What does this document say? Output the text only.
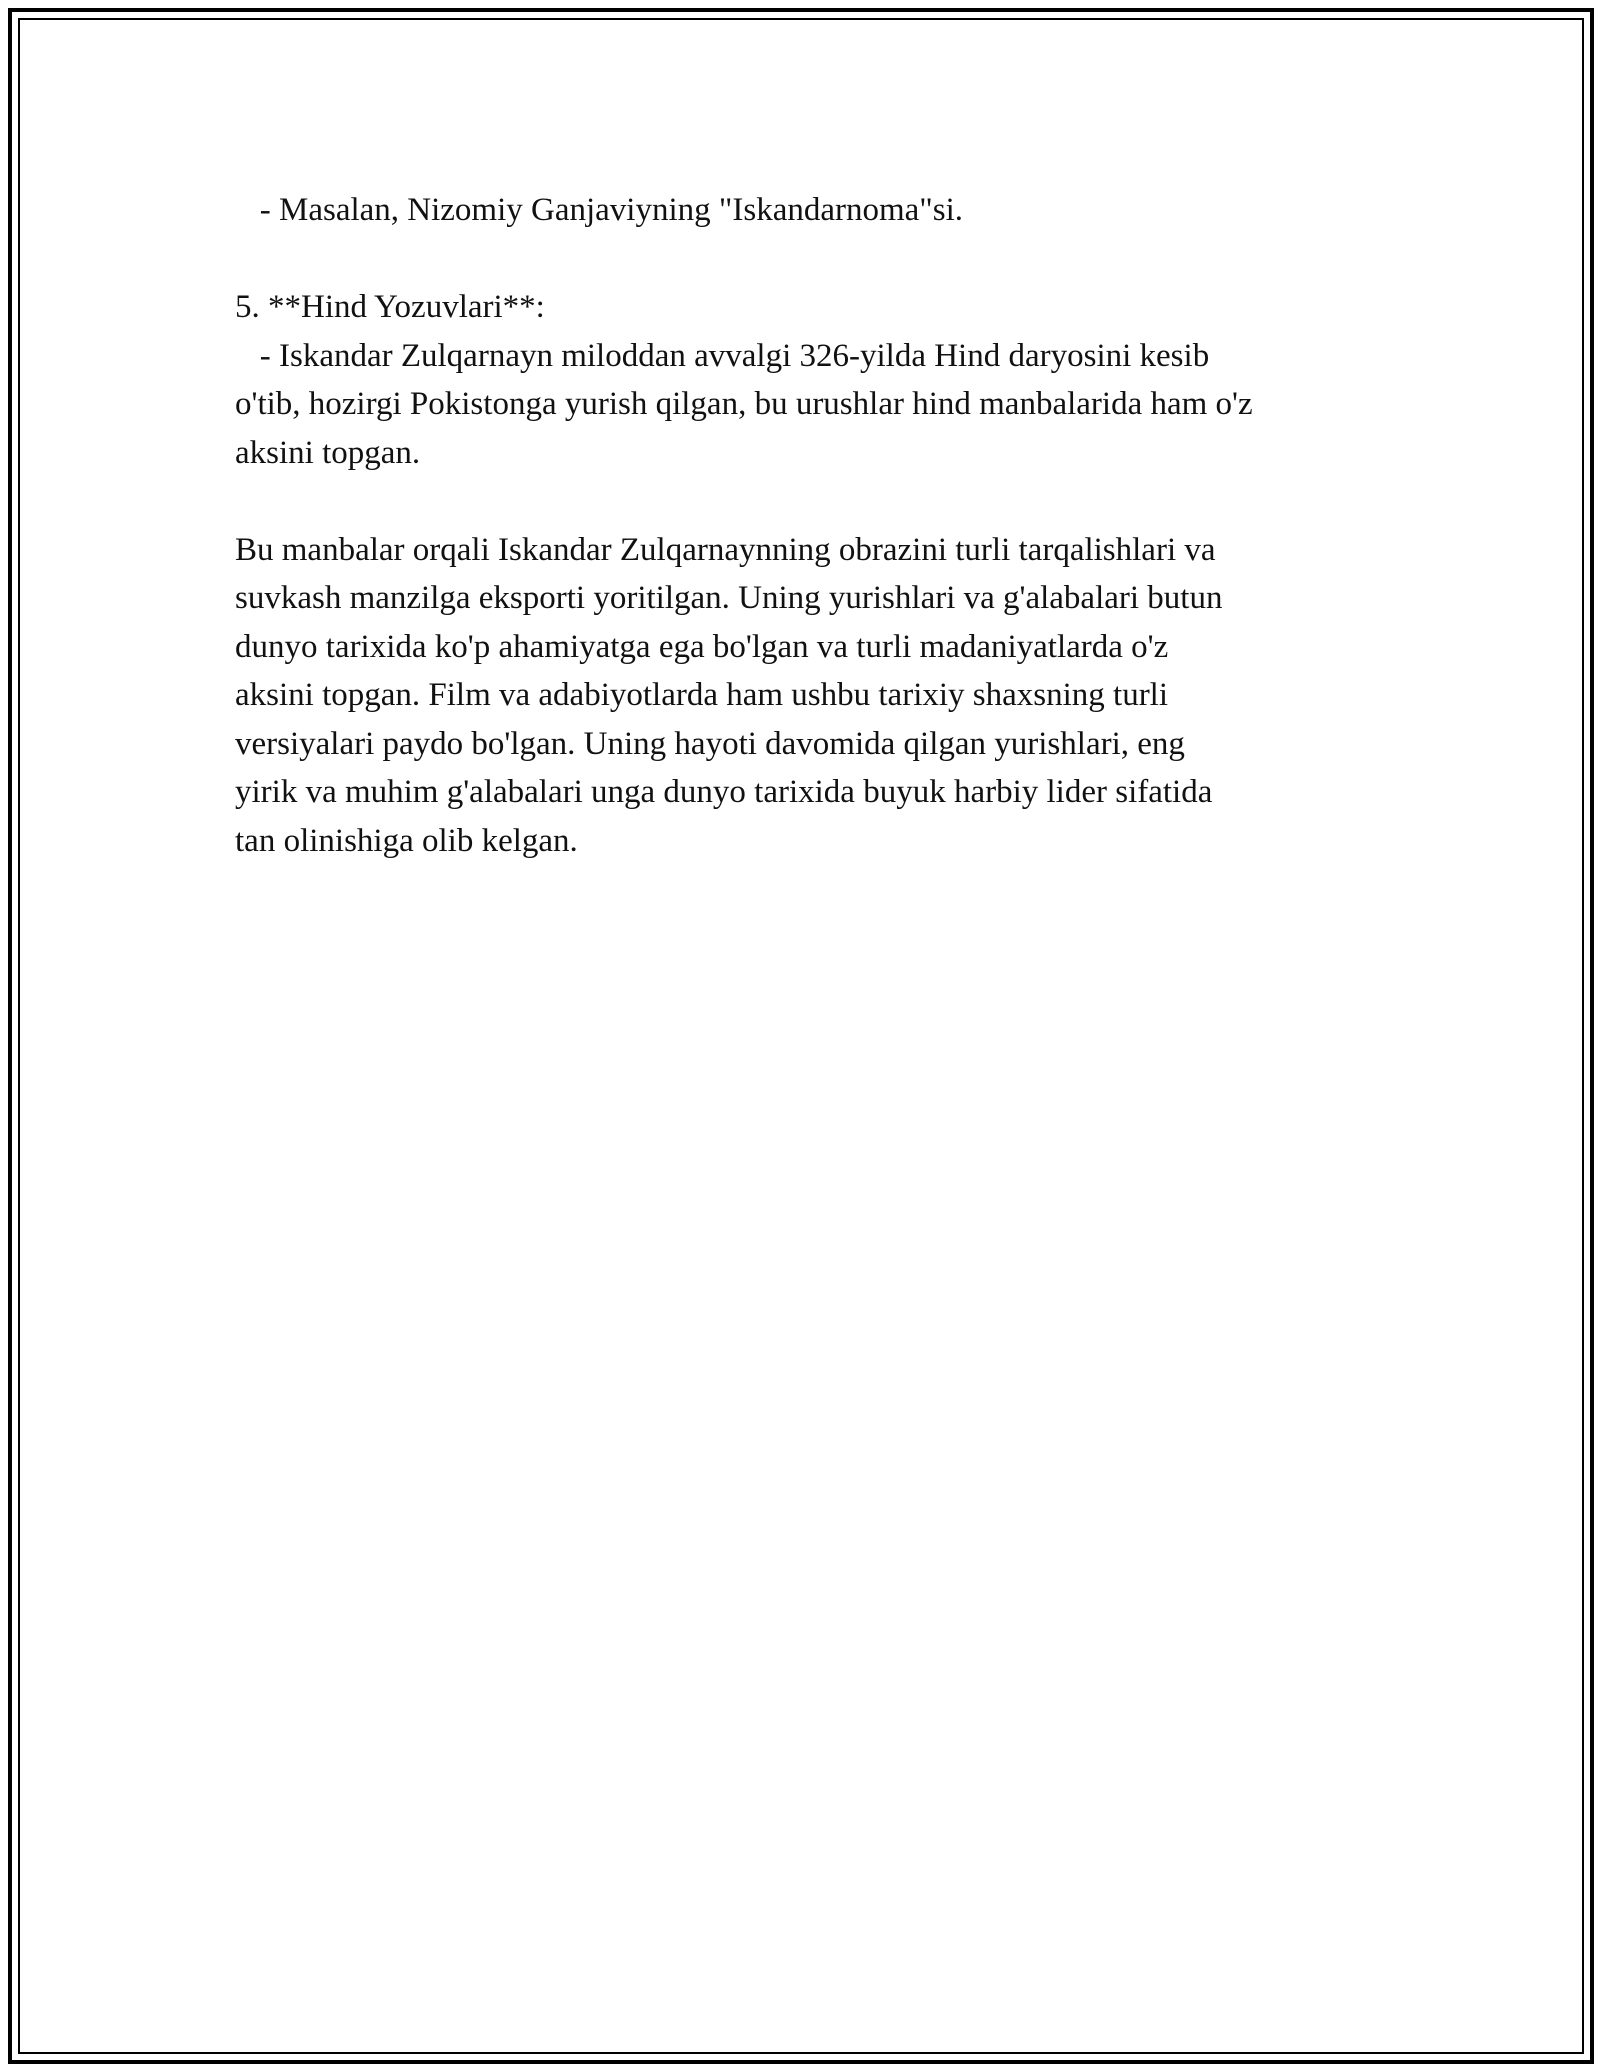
- Masalan, Nizomiy Ganjaviyning "Iskandarnoma"si.
5. **Hind Yozuvlari**:
- Iskandar Zulqarnayn miloddan avvalgi 326-yilda Hind daryosini kesib
o'tib, hozirgi Pokistonga yurish qilgan, bu urushlar hind manbalarida ham o'z
aksini topgan.
Bu manbalar orqali Iskandar Zulqarnaynning obrazini turli tarqalishlari va
suvkash manzilga eksporti yoritilgan. Uning yurishlari va g'alabalari butun
dunyo tarixida ko'p ahamiyatga ega bo'lgan va turli madaniyatlarda o'z
aksini topgan. Film va adabiyotlarda ham ushbu tarixiy shaxsning turli
versiyalari paydo bo'lgan. Uning hayoti davomida qilgan yurishlari, eng
yirik va muhim g'alabalari unga dunyo tarixida buyuk harbiy lider sifatida
tan olinishiga olib kelgan.
